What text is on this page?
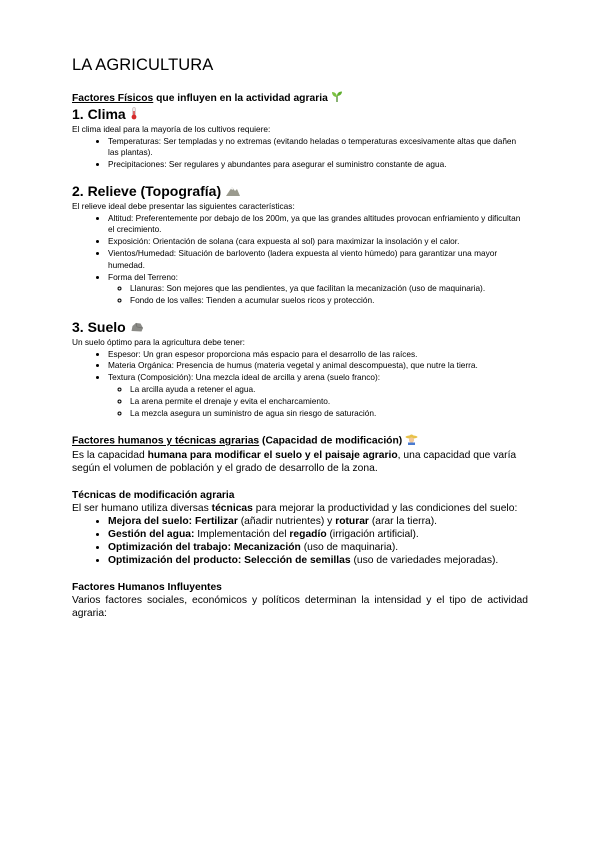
LA AGRICULTURA

Factores Físicos que influyen en la actividad agraria

1. Clima

El clima ideal para la mayoría de los cultivos requiere:

• Temperaturas: Ser templadas y no extremas (evitando heladas o temperaturas excesivamente altas que dañen las plantas).
• Precipitaciones: Ser regulares y abundantes para asegurar el suministro constante de agua.

2. Relieve (Topografía)

El relieve ideal debe presentar las siguientes características:

• Altitud: Preferentemente por debajo de los 200m, ya que las grandes altitudes provocan enfriamiento y dificultan el crecimiento.
• Exposición: Orientación de solana (cara expuesta al sol) para maximizar la insolación y el calor.
• Vientos/Humedad: Situación de barlovento (ladera expuesta al viento húmedo) para garantizar una mayor humedad.
• Forma del Terreno:
◦ Llanuras: Son mejores que las pendientes, ya que facilitan la mecanización (uso de maquinaria).
◦ Fondo de los valles: Tienden a acumular suelos ricos y protección.

3. Suelo

Un suelo óptimo para la agricultura debe tener:

• Espesor: Un gran espesor proporciona más espacio para el desarrollo de las raíces.
• Materia Orgánica: Presencia de humus (materia vegetal y animal descompuesta), que nutre la tierra.
• Textura (Composición): Una mezcla ideal de arcilla y arena (suelo franco):
◦ La arcilla ayuda a retener el agua.
◦ La arena permite el drenaje y evita el encharcamiento.
◦ La mezcla asegura un suministro de agua sin riesgo de saturación.

Factores humanos y técnicas agrarias (Capacidad de modificación)

Es la capacidad humana para modificar el suelo y el paisaje agrario, una capacidad que varía según el volumen de población y el grado de desarrollo de la zona.

Técnicas de modificación agraria

El ser humano utiliza diversas técnicas para mejorar la productividad y las condiciones del suelo:

• Mejora del suelo: Fertilizar (añadir nutrientes) y roturar (arar la tierra).
• Gestión del agua: Implementación del regadío (irrigación artificial).
• Optimización del trabajo: Mecanización (uso de maquinaria).
• Optimización del producto: Selección de semillas (uso de variedades mejoradas).

Factores Humanos Influyentes

Varios factores sociales, económicos y políticos determinan la intensidad y el tipo de actividad agraria:
